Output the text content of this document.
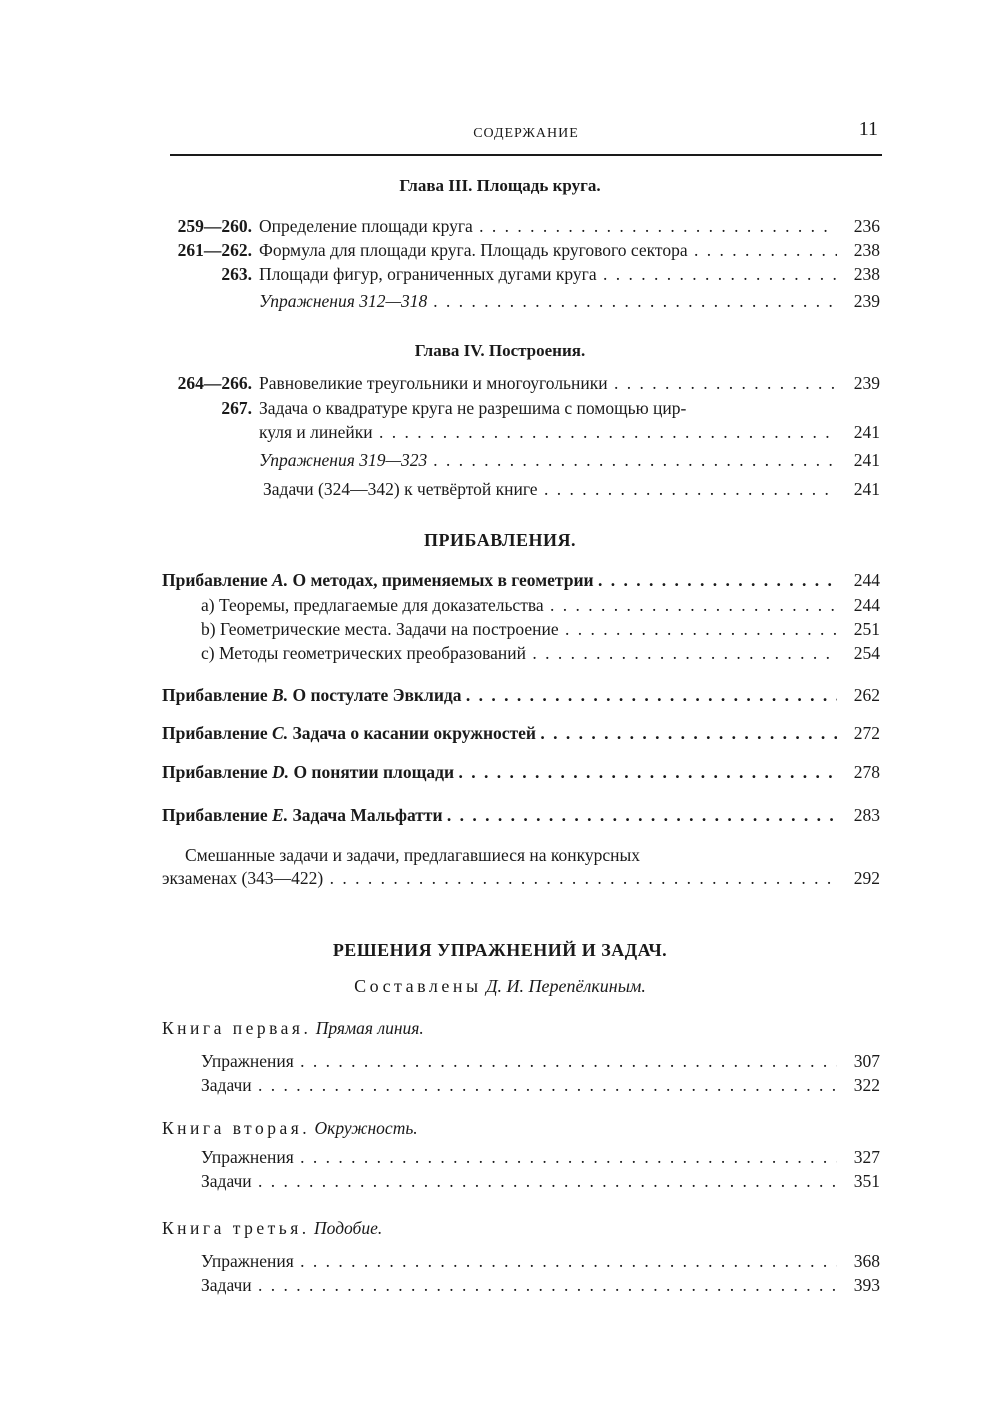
СОДЕРЖАНИЕ	11
Глава III. Площадь круга.
259—260. Определение площади круга . . .	236
261—262. Формула для площади круга. Площадь кругового сектора . . .	238
263. Площади фигур, ограниченных дугами круга . . .	238
Упражнения 312—318 . . .	239
Глава IV. Построения.
264—266. Равновеликие треугольники и многоугольники . . .	239
267. Задача о квадратуре круга не разрешима с помощью цир-
куля и линейки . . .	241
Упражнения 319—323 . . .	241
Задачи (324—342) к четвёртой книге . . .	241
ПРИБАВЛЕНИЯ.
Прибавление A. О методах, применяемых в геометрии . . .	244
a) Теоремы, предлагаемые для доказательства . . .	244
b) Геометрические места. Задачи на построение . . .	251
c) Методы геометрических преобразований . . .	254
Прибавление B. О постулате Эвклида . . .	262
Прибавление C. Задача о касании окружностей . . .	272
Прибавление D. О понятии площади . . .	278
Прибавление E. Задача Мальфатти . . .	283
Смешанные задачи и задачи, предлагавшиеся на конкурсных
экзаменах (343—422) . . .	292
РЕШЕНИЯ УПРАЖНЕНИЙ И ЗАДАЧ.
Составлены Д. И. Перепёлкиным.
Книга первая. Прямая линия.
Упражнения . . .	307
Задачи . . .	322
Книга вторая. Окружность.
Упражнения . . .	327
Задачи . . .	351
Книга третья. Подобие.
Упражнения . . .	368
Задачи . . .	393
